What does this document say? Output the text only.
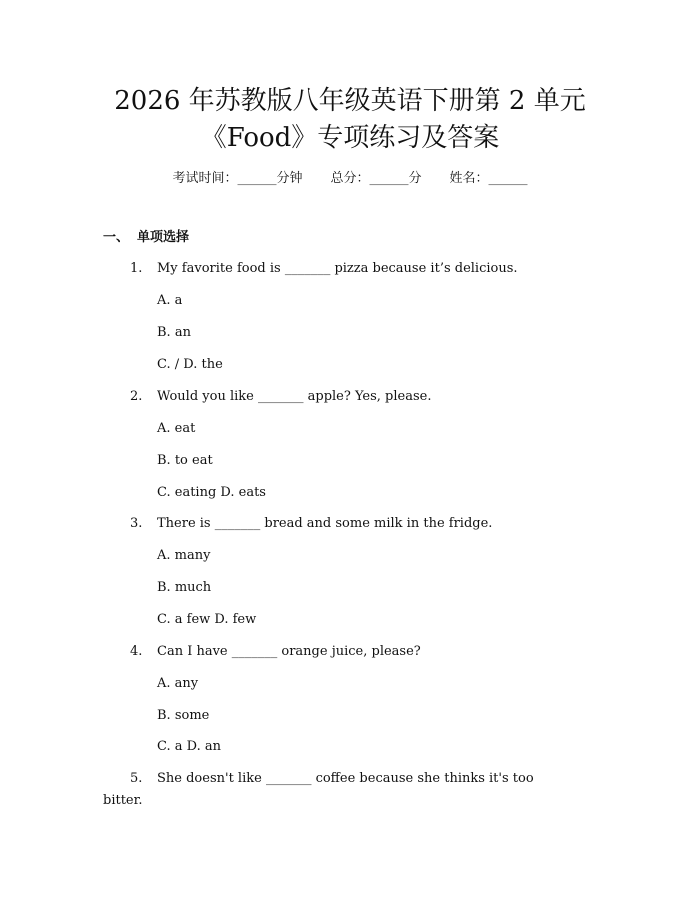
2026 年苏教版八年级英语下册第 2 单元
《Food》专项练习及答案
考试时间：______分钟 总分：______分 姓名：______
一、 单项选择
1. My favorite food is _______ pizza because it’s delicious.
A. a
B. an
C. / D. the
2. Would you like _______ apple? Yes, please.
A. eat
B. to eat
C. eating D. eats
3. There is _______ bread and some milk in the fridge.
A. many
B. much
C. a few D. few
4. Can I have _______ orange juice, please?
A. any
B. some
C. a D. an
5. She doesn't like _______ coffee because she thinks it's too
bitter.
